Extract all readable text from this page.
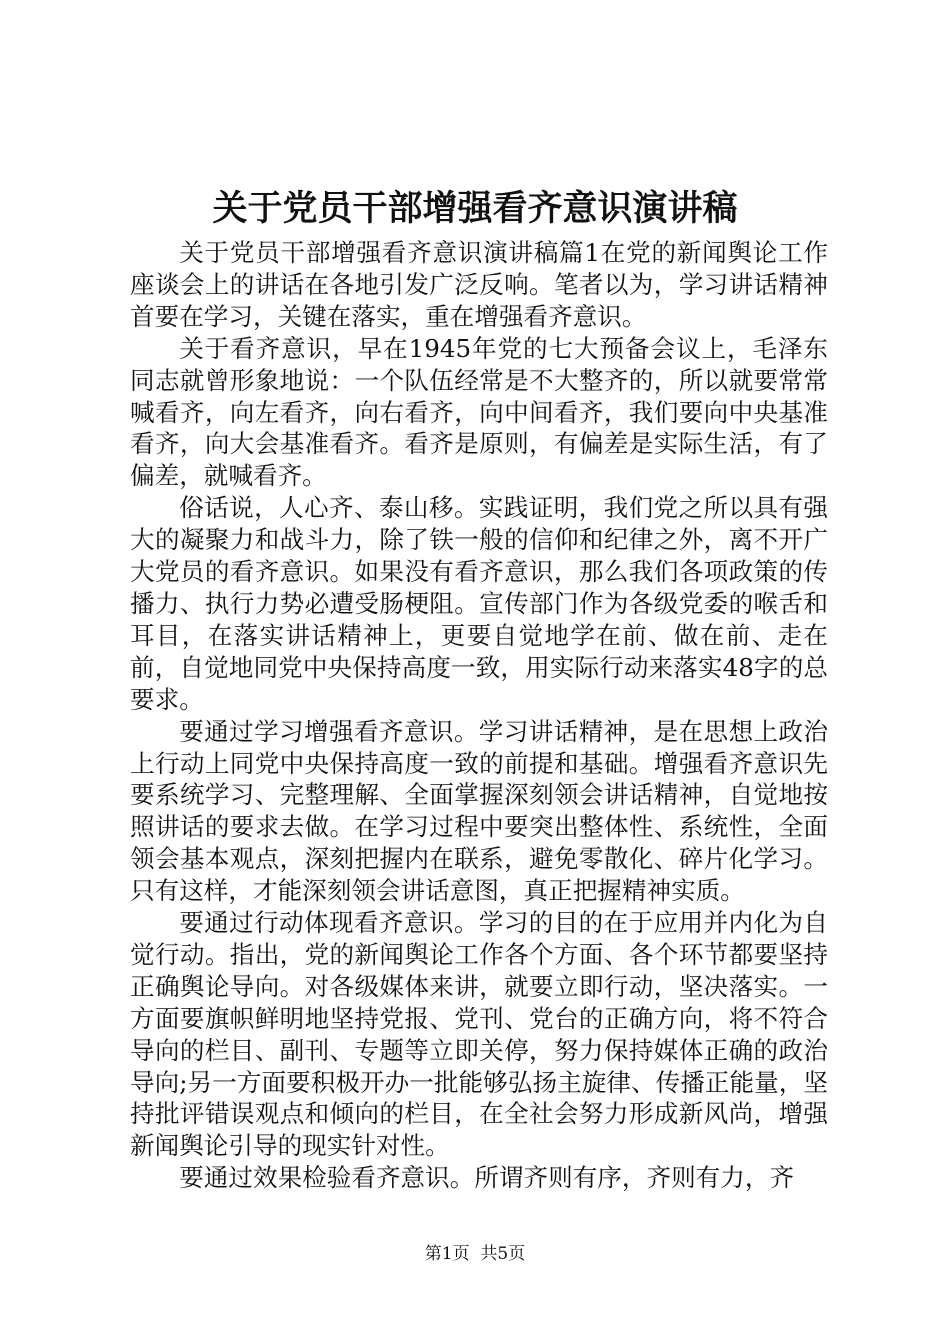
关于党员干部增强看齐意识演讲稿

关于党员干部增强看齐意识演讲稿篇1在党的新闻舆论工作座谈会上的讲话在各地引发广泛反响。笔者以为，学习讲话精神首要在学习，关键在落实，重在增强看齐意识。

关于看齐意识，早在1945年党的七大预备会议上，毛泽东同志就曾形象地说：一个队伍经常是不大整齐的，所以就要常常喊看齐，向左看齐，向右看齐，向中间看齐，我们要向中央基准看齐，向大会基准看齐。看齐是原则，有偏差是实际生活，有了偏差，就喊看齐。

俗话说，人心齐、泰山移。实践证明，我们党之所以具有强大的凝聚力和战斗力，除了铁一般的信仰和纪律之外，离不开广大党员的看齐意识。如果没有看齐意识，那么我们各项政策的传播力、执行力势必遭受肠梗阻。宣传部门作为各级党委的喉舌和耳目，在落实讲话精神上，更要自觉地学在前、做在前、走在前，自觉地同党中央保持高度一致，用实际行动来落实48字的总要求。

要通过学习增强看齐意识。学习讲话精神，是在思想上政治上行动上同党中央保持高度一致的前提和基础。增强看齐意识先要系统学习、完整理解、全面掌握深刻领会讲话精神，自觉地按照讲话的要求去做。在学习过程中要突出整体性、系统性，全面领会基本观点，深刻把握内在联系，避免零散化、碎片化学习。只有这样，才能深刻领会讲话意图，真正把握精神实质。

要通过行动体现看齐意识。学习的目的在于应用并内化为自觉行动。指出，党的新闻舆论工作各个方面、各个环节都要坚持正确舆论导向。对各级媒体来讲，就要立即行动，坚决落实。一方面要旗帜鲜明地坚持党报、党刊、党台的正确方向，将不符合导向的栏目、副刊、专题等立即关停，努力保持媒体正确的政治导向;另一方面要积极开办一批能够弘扬主旋律、传播正能量，坚持批评错误观点和倾向的栏目，在全社会努力形成新风尚，增强新闻舆论引导的现实针对性。

要通过效果检验看齐意识。所谓齐则有序，齐则有力，齐

第1页 共5页
